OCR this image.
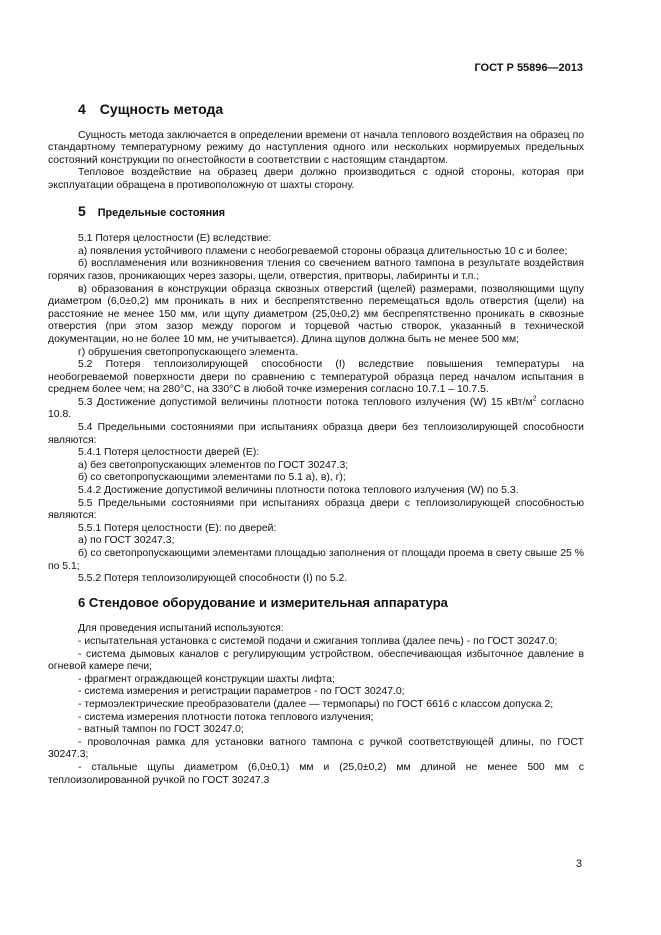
ГОСТ Р 55896—2013
4 Сущность метода

Сущность метода заключается в определении времени от начала теплового воздействия на образец по стандартному температурному режиму до наступления одного или нескольких нормируемых предельных состояний конструкции по огнестойкости в соответствии с настоящим стандартом.

Тепловое воздействие на образец двери должно производиться с одной стороны, которая при эксплуатации обращена в противоположную от шахты сторону.

5 Предельные состояния

5.1 Потеря целостности (E) вследствие:

а) появления устойчивого пламени с необогреваемой стороны образца длительностью 10 с и более;

б) воспламенения или возникновения тления со свечением ватного тампона в результате воздействия горячих газов, проникающих через зазоры, щели, отверстия, притворы, лабиринты и т.п.;

в) образования в конструкции образца сквозных отверстий (щелей) размерами, позволяющими щупу диаметром (6,0±0,2) мм проникать в них и беспрепятственно перемещаться вдоль отверстия (щели) на расстояние не менее 150 мм, или щупу диаметром (25,0±0,2) мм беспрепятственно проникать в сквозные отверстия (при этом зазор между порогом и торцевой частью створок, указанный в технической документации, но не более 10 мм, не учитывается). Длина щупов должна быть не менее 500 мм;

г) обрушения светопропускающего элемента.

5.2 Потеря теплоизолирующей способности (I) вследствие повышения температуры на необогреваемой поверхности двери по сравнению с температурой образца перед началом испытания в среднем более чем; на 280°С, на 330°С в любой точке измерения согласно 10.7.1 – 10.7.5.

5.3 Достижение допустимой величины плотности потока теплового излучения (W) 15 кВт/$м^2$ согласно 10.8.

5.4 Предельными состояниями при испытаниях образца двери без теплоизолирующей способности являются:

5.4.1 Потеря целостности дверей (E):

а) без светопропускающих элементов по ГОСТ 30247.3;

б) со светопропускающими элементами по 5.1 а), в), г);

5.4.2 Достижение допустимой величины плотности потока теплового излучения (W) по 5.3.

5.5 Предельными состояниями при испытаниях образца двери с теплоизолирующей способностью являются:

5.5.1 Потеря целостности (E): по дверей:

а) по ГОСТ 30247.3;

б) со светопропускающими элементами площадью заполнения от площади проема в свету свыше 25 % по 5.1;

5.5.2 Потеря теплоизолирующей способности (I) по 5.2.

6 Стендовое оборудование и измерительная аппаратура

Для проведения испытаний используются:

- испытательная установка с системой подачи и сжигания топлива (далее печь) - по ГОСТ 30247.0;

- система дымовых каналов с регулирующим устройством, обеспечивающая избыточное давление в огневой камере печи;

- фрагмент ограждающей конструкции шахты лифта;

- система измерения и регистрации параметров - по ГОСТ 30247.0;

- термоэлектрические преобразователи (далее — термопары) по ГОСТ 6616 с классом допуска 2;

- система измерения плотности потока теплового излучения;

- ватный тампон по ГОСТ 30247.0;

- проволочная рамка для установки ватного тампона с ручкой соответствующей длины, по ГОСТ 30247.3;

- стальные щупы диаметром (6,0±0,1) мм и (25,0±0,2) мм длиной не менее 500 мм с теплоизолированной ручкой по ГОСТ 30247.3

3
